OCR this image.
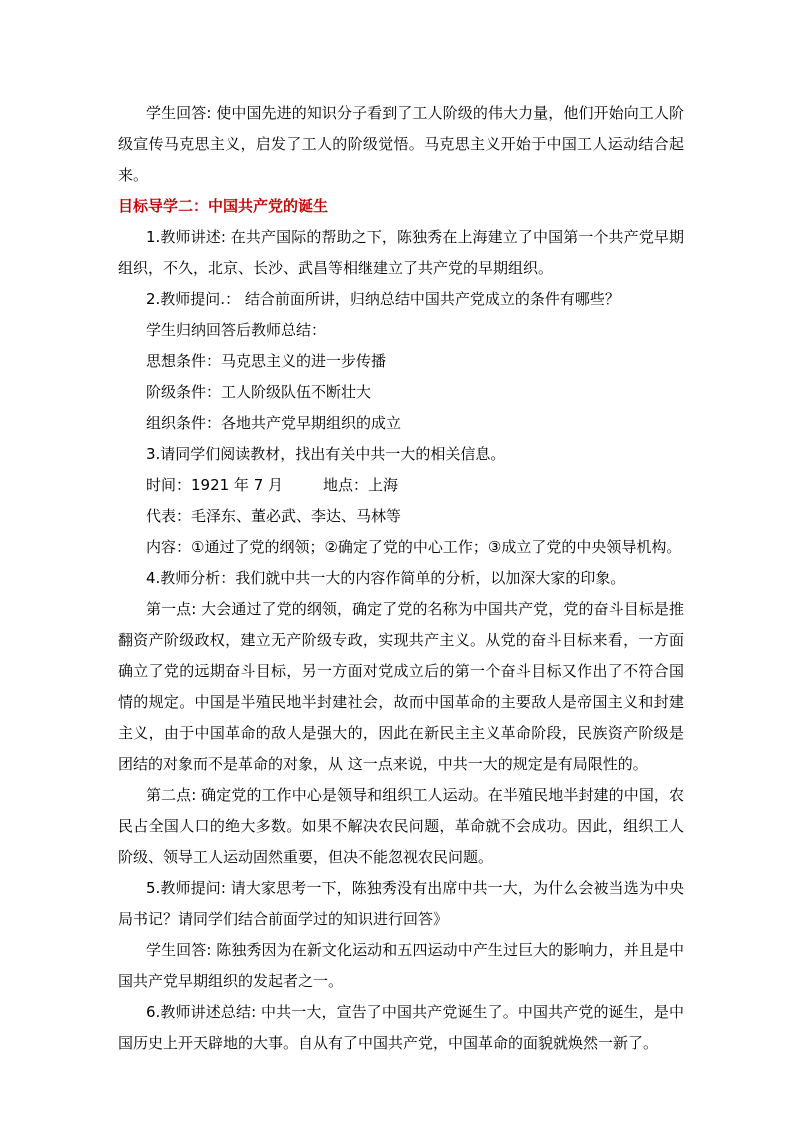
学生回答: 使中国先进的知识分子看到了工人阶级的伟大力量，他们开始向工人阶级宣传马克思主义，启发了工人的阶级觉悟。马克思主义开始于中国工人运动结合起来。

目标导学二：中国共产党的诞生

1.教师讲述: 在共产国际的帮助之下，陈独秀在上海建立了中国第一个共产党早期组织，不久，北京、长沙、武昌等相继建立了共产党的早期组织。

2.教师提问.： 结合前面所讲，归纳总结中国共产党成立的条件有哪些？

学生归纳回答后教师总结：

思想条件：马克思主义的进一步传播

阶级条件：工人阶级队伍不断壮大

组织条件：各地共产党早期组织的成立

3.请同学们阅读教材，找出有关中共一大的相关信息。

时间：1921 年 7 月	地点：上海

代表：毛泽东、董必武、李达、马林等

内容：①通过了党的纲领；②确定了党的中心工作；③成立了党的中央领导机构。

4.教师分析：我们就中共一大的内容作简单的分析，以加深大家的印象。

第一点: 大会通过了党的纲领，确定了党的名称为中国共产党，党的奋斗目标是推翻资产阶级政权，建立无产阶级专政，实现共产主义。从党的奋斗目标来看，一方面确立了党的远期奋斗目标，另一方面对党成立后的第一个奋斗目标又作出了不符合国情的规定。中国是半殖民地半封建社会，故而中国革命的主要敌人是帝国主义和封建主义，由于中国革命的敌人是强大的，因此在新民主主义革命阶段，民族资产阶级是团结的对象而不是革命的对象，从 这一点来说，中共一大的规定是有局限性的。

第二点: 确定党的工作中心是领导和组织工人运动。在半殖民地半封建的中国，农民占全国人口的绝大多数。如果不解决农民问题，革命就不会成功。因此，组织工人阶级、领导工人运动固然重要，但决不能忽视农民问题。

5.教师提问: 请大家思考一下，陈独秀没有出席中共一大，为什么会被当选为中央局书记？请同学们结合前面学过的知识进行回答》

学生回答: 陈独秀因为在新文化运动和五四运动中产生过巨大的影响力，并且是中国共产党早期组织的发起者之一。

6.教师讲述总结: 中共一大，宣告了中国共产党诞生了。中国共产党的诞生，是中国历史上开天辟地的大事。自从有了中国共产党，中国革命的面貌就焕然一新了。
